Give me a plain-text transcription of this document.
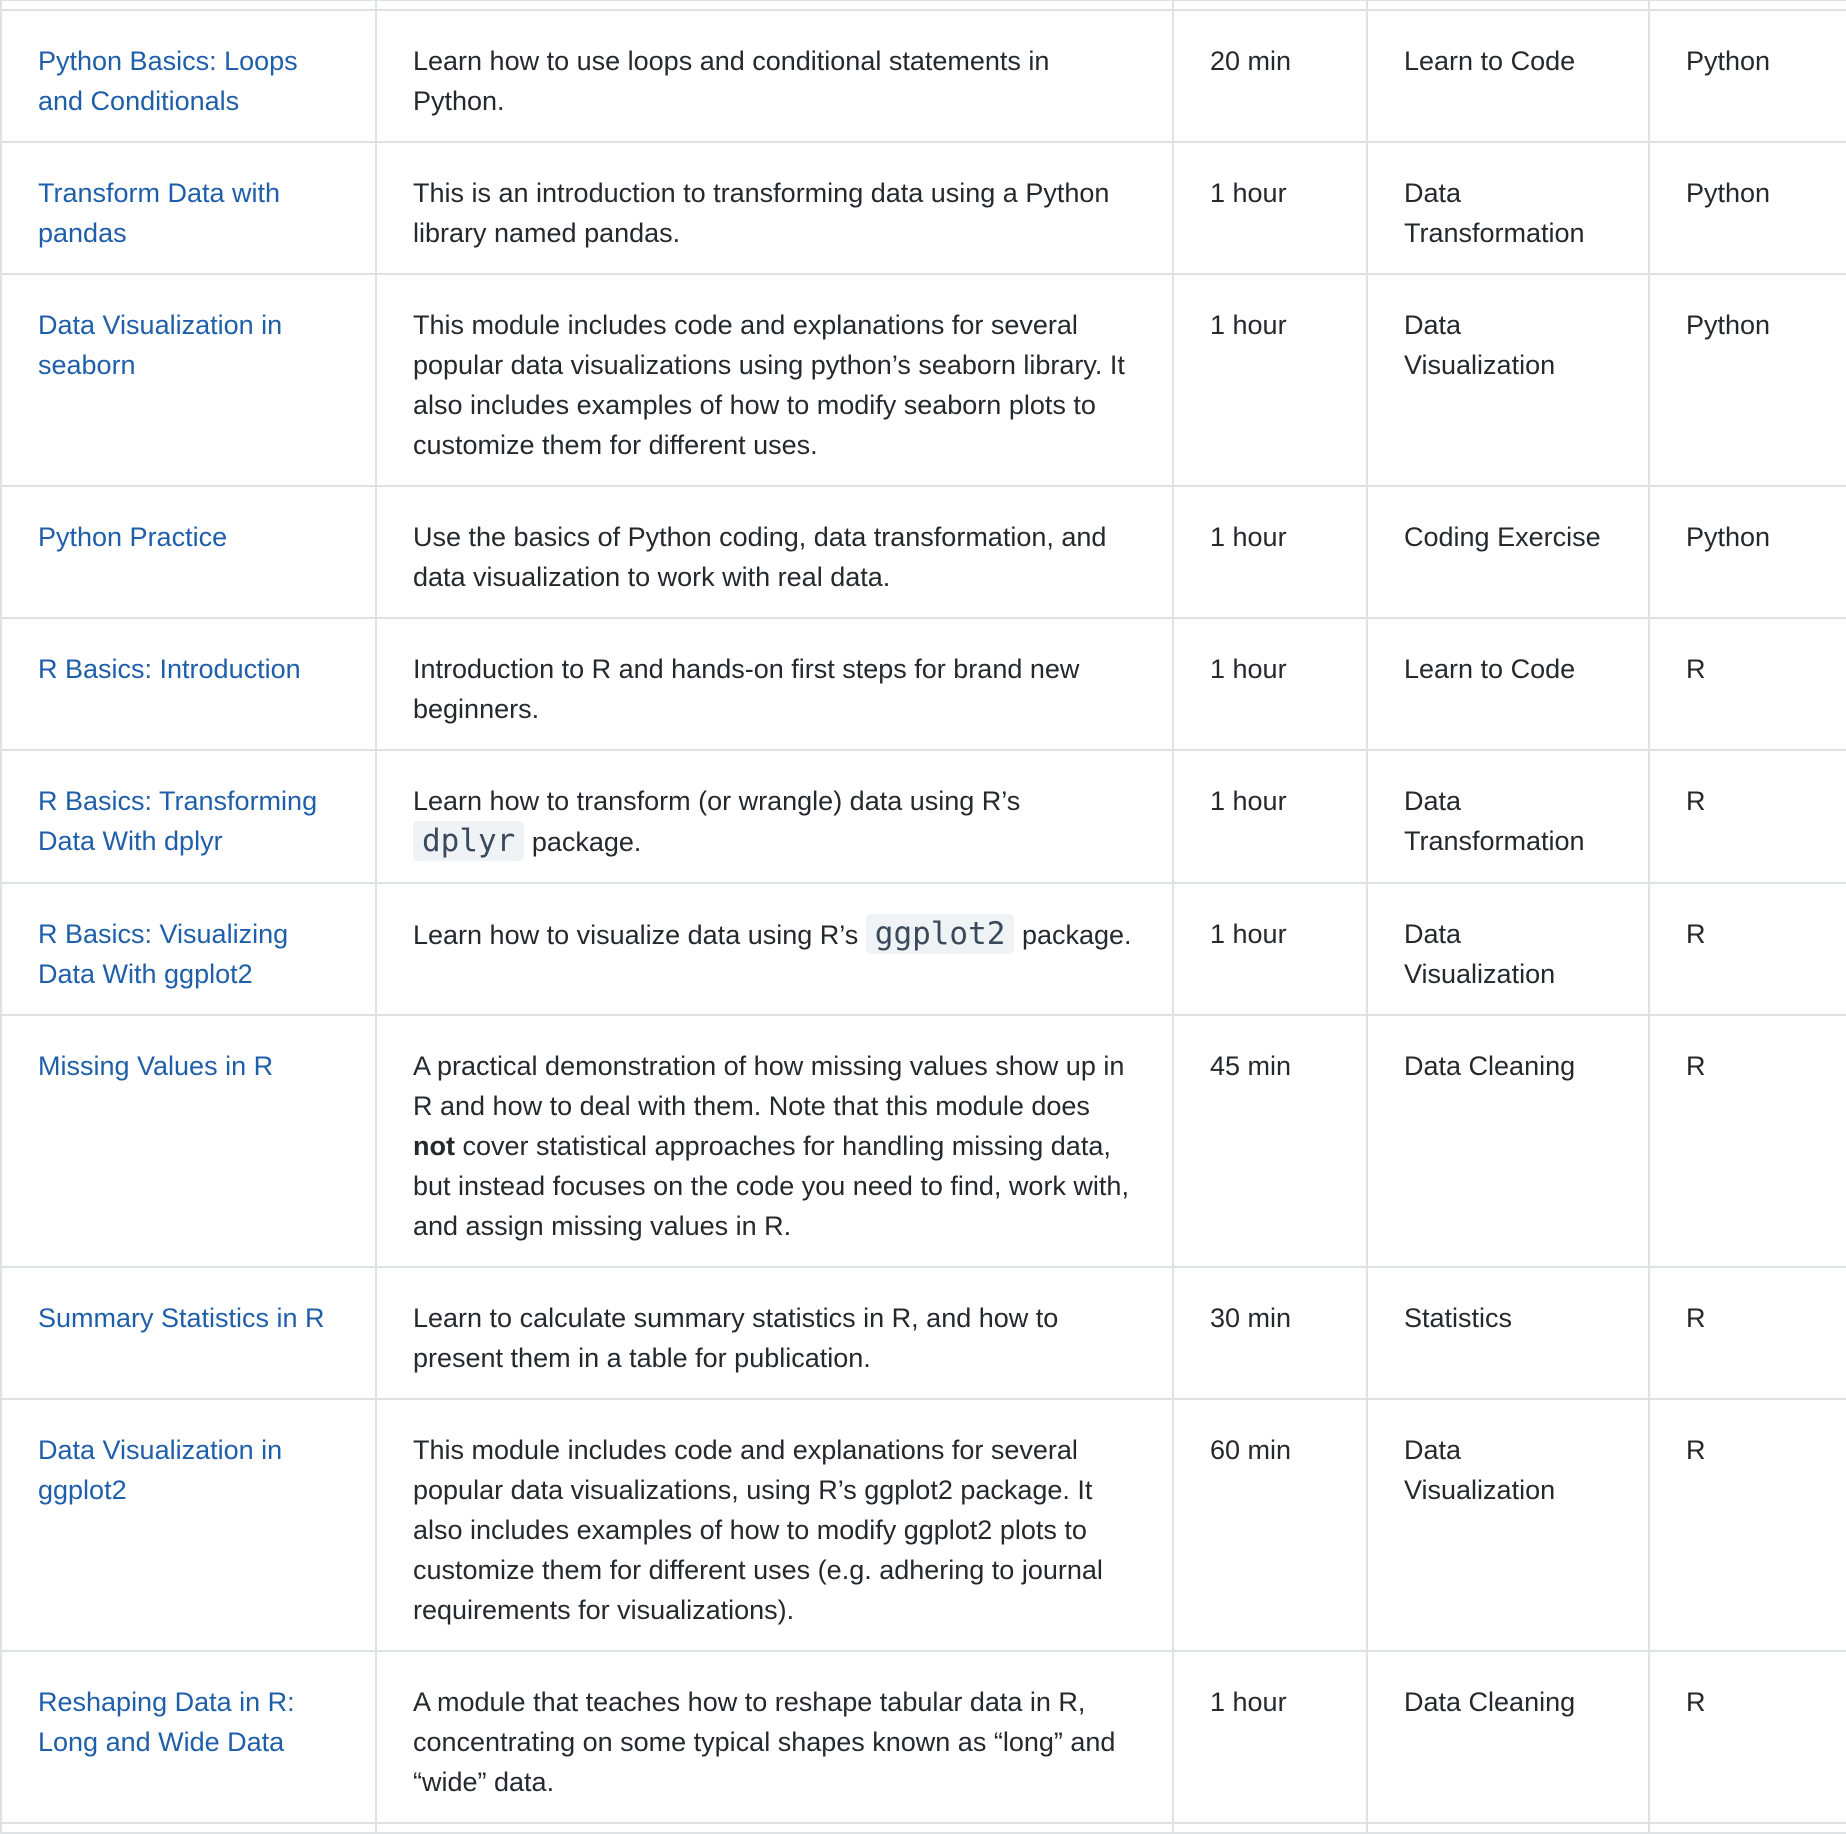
Python Basics: Loops and Conditionals	Learn how to use loops and conditional statements in Python.	20 min	Learn to Code	Python
Transform Data with pandas	This is an introduction to transforming data using a Python library named pandas.	1 hour	Data Transformation	Python
Data Visualization in seaborn	This module includes code and explanations for several popular data visualizations using python’s seaborn library. It also includes examples of how to modify seaborn plots to customize them for different uses.	1 hour	Data Visualization	Python
Python Practice	Use the basics of Python coding, data transformation, and data visualization to work with real data.	1 hour	Coding Exercise	Python
R Basics: Introduction	Introduction to R and hands-on first steps for brand new beginners.	1 hour	Learn to Code	R
R Basics: Transforming Data With dplyr	Learn how to transform (or wrangle) data using R’s dplyr package.	1 hour	Data Transformation	R
R Basics: Visualizing Data With ggplot2	Learn how to visualize data using R’s ggplot2 package.	1 hour	Data Visualization	R
Missing Values in R	A practical demonstration of how missing values show up in R and how to deal with them. Note that this module does not cover statistical approaches for handling missing data, but instead focuses on the code you need to find, work with, and assign missing values in R.	45 min	Data Cleaning	R
Summary Statistics in R	Learn to calculate summary statistics in R, and how to present them in a table for publication.	30 min	Statistics	R
Data Visualization in ggplot2	This module includes code and explanations for several popular data visualizations, using R’s ggplot2 package. It also includes examples of how to modify ggplot2 plots to customize them for different uses (e.g. adhering to journal requirements for visualizations).	60 min	Data Visualization	R
Reshaping Data in R: Long and Wide Data	A module that teaches how to reshape tabular data in R, concentrating on some typical shapes known as “long” and “wide” data.	1 hour	Data Cleaning	R
